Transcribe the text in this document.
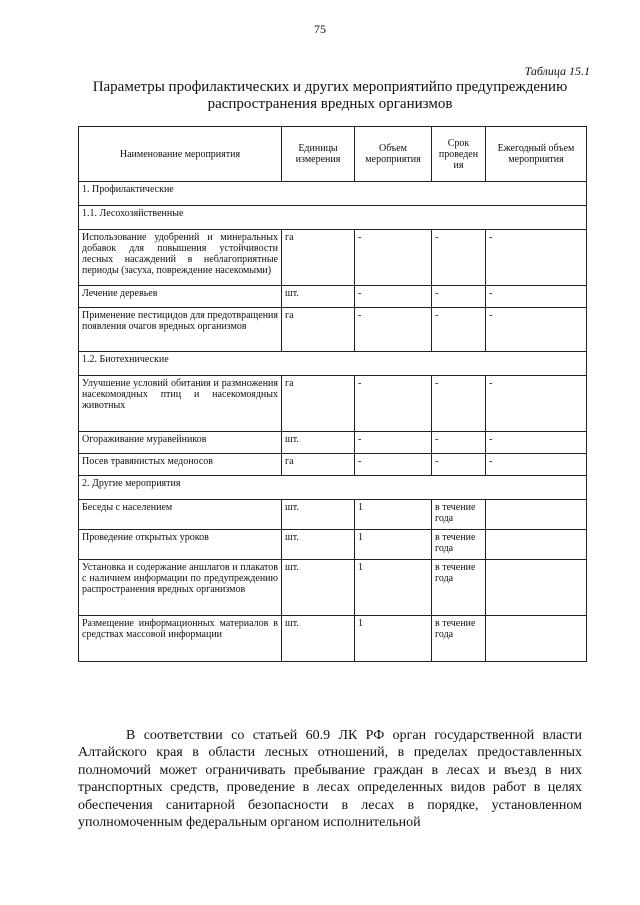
75
Таблица 15.1
Параметры профилактических и других мероприятийпо предупреждению распространения вредных организмов
Наименование мероприятия	Единицы измерения	Объем мероприятия	Срок проведен ия	Ежегодный объем мероприятия
1. Профилактические				
1.1. Лесохозяйственные				
Использование удобрений и минеральных добавок для повышения устойчивости лесных насаждений в неблагоприятные периоды (засуха, повреждение насекомыми)	га	-	-	-
Лечение деревьев	шт.	-	-	-
Применение пестицидов для предотвращения появления очагов вредных организмов	га	-	-	-
1.2. Биотехнические				
Улучшение условий обитания и размножения насекомоядных птиц и насекомоядных животных	га	-	-	-
Огораживание муравейников	шт.	-	-	-
Посев травянистых медоносов	га	-	-	-
2. Другие мероприятия				
Беседы с населением	шт.	1	в течение года	
Проведение открытых уроков	шт.	1	в течение года	
Установка и содержание аншлагов и плакатов с наличием информации по предупреждению распространения вредных организмов	шт.	1	в течение года	
Размещение информационных материалов в средствах массовой информации	шт.	1	в течение года	

В соответствии со статьей 60.9 ЛК РФ орган государственной власти Алтайского края в области лесных отношений, в пределах предоставленных полномочий может ограничивать пребывание граждан в лесах и въезд в них транспортных средств, проведение в лесах определенных видов работ в целях обеспечения санитарной безопасности в лесах в порядке, установленном уполномоченным федеральным органом исполнительной
